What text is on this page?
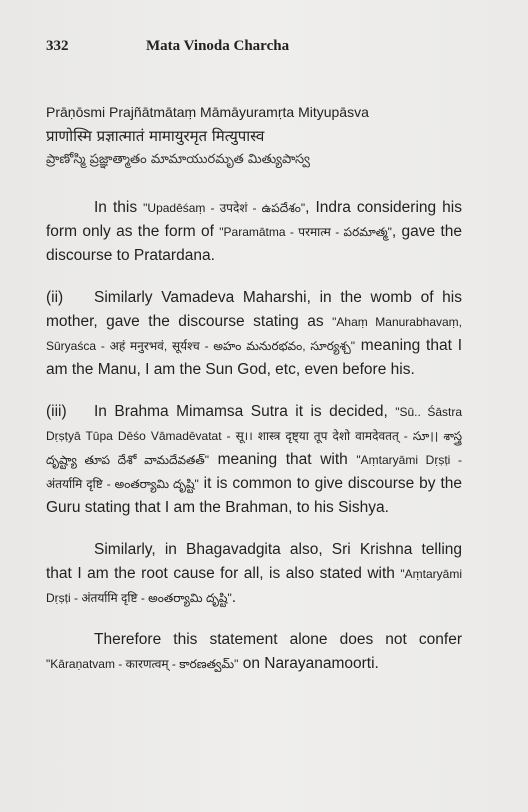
332	Mata Vinoda Charcha

Prāṇōsmi Prajñātmātaṃ Māmāyuramṛta Mityupāsva

प्राणोस्मि प्रज्ञात्मातं मामायुरमृत मित्युपास्व

ప్రాణోస్మి ప్రజ్ఞాత్మాతం మామాయురమృత మిత్యుపాస్వ

In this "Upadēśaṃ - उपदेशं - ఉపదేశం", Indra considering his form only as the form of "Paramātma - परमात्म - పరమాత్మ", gave the discourse to Pratardana.

(ii) Similarly Vamadeva Maharshi, in the womb of his mother, gave the discourse stating as "Ahaṃ Manurabhavaṃ, Sūryaśca - अहं मनुरभवं, सूर्यश्च - అహం మనురభవం, సూర్యశ్చ" meaning that I am the Manu, I am the Sun God, etc, even before his.

(iii) In Brahma Mimamsa Sutra it is decided, "Sū.. Śāstra Dṛṣṭyā Tūpa Dēśo Vāmadēvatat - सू।। शास्त्र दृष्ट्या तूप देशो वामदेवतत् - సూ।। శాస్త్ర దృష్ట్యా తూప దేశో వామదేవతత్" meaning that with "Aṃtaryāmi Dṛṣṭi - अंतर्यामि दृष्टि - అంతర్యామి దృష్టి" it is common to give discourse by the Guru stating that I am the Brahman, to his Sishya.

Similarly, in Bhagavadgita also, Sri Krishna telling that I am the root cause for all, is also stated with "Aṃtaryāmi Dṛṣṭi - अंतर्यामि दृष्टि - అంతర్యామి దృష్టి".

Therefore this statement alone does not confer "Kāraṇatvam - कारणत्वम् - కారణత్వమ్" on Narayanamoorti.
